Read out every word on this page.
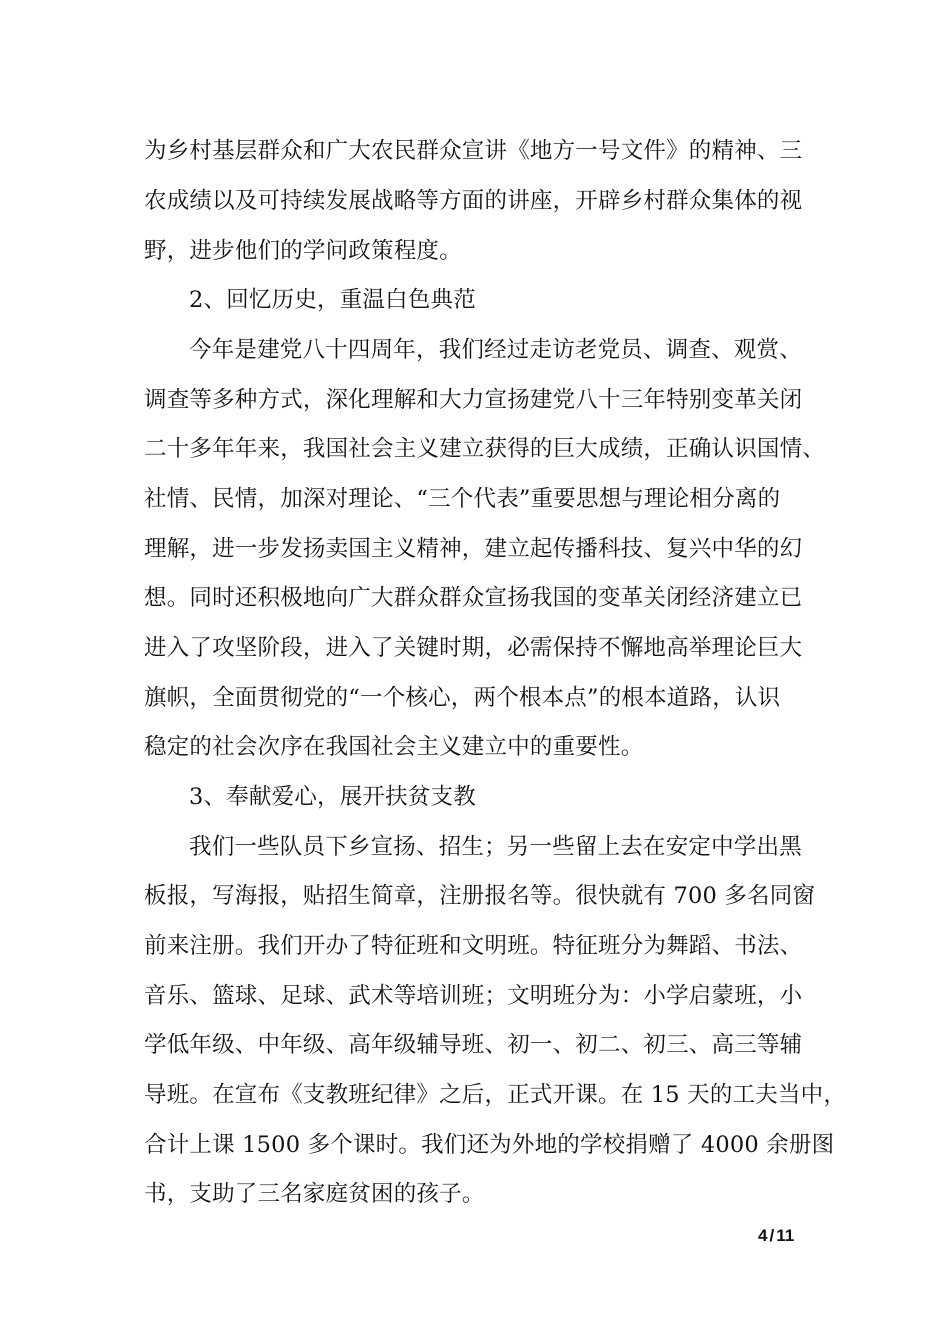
为乡村基层群众和广大农民群众宣讲《地方一号文件》的精神、三
农成绩以及可持续发展战略等方面的讲座，开辟乡村群众集体的视
野，进步他们的学问政策程度。
2、回忆历史，重温白色典范
今年是建党八十四周年，我们经过走访老党员、调查、观赏、
调查等多种方式，深化理解和大力宣扬建党八十三年特别变革关闭
二十多年年来，我国社会主义建立获得的巨大成绩，正确认识国情、
社情、民情，加深对理论、“三个代表”重要思想与理论相分离的
理解，进一步发扬卖国主义精神，建立起传播科技、复兴中华的幻
想。同时还积极地向广大群众群众宣扬我国的变革关闭经济建立已
进入了攻坚阶段，进入了关键时期，必需保持不懈地高举理论巨大
旗帜，全面贯彻党的“一个核心，两个根本点”的根本道路，认识
稳定的社会次序在我国社会主义建立中的重要性。
3、奉献爱心，展开扶贫支教
我们一些队员下乡宣扬、招生；另一些留上去在安定中学出黑
板报，写海报，贴招生简章，注册报名等。很快就有 700 多名同窗
前来注册。我们开办了特征班和文明班。特征班分为舞蹈、书法、
音乐、篮球、足球、武术等培训班；文明班分为：小学启蒙班，小
学低年级、中年级、高年级辅导班、初一、初二、初三、高三等辅
导班。在宣布《支教班纪律》之后，正式开课。在 15 天的工夫当中，
合计上课 1500 多个课时。我们还为外地的学校捐赠了 4000 余册图
书，支助了三名家庭贫困的孩子。
4 / 11
